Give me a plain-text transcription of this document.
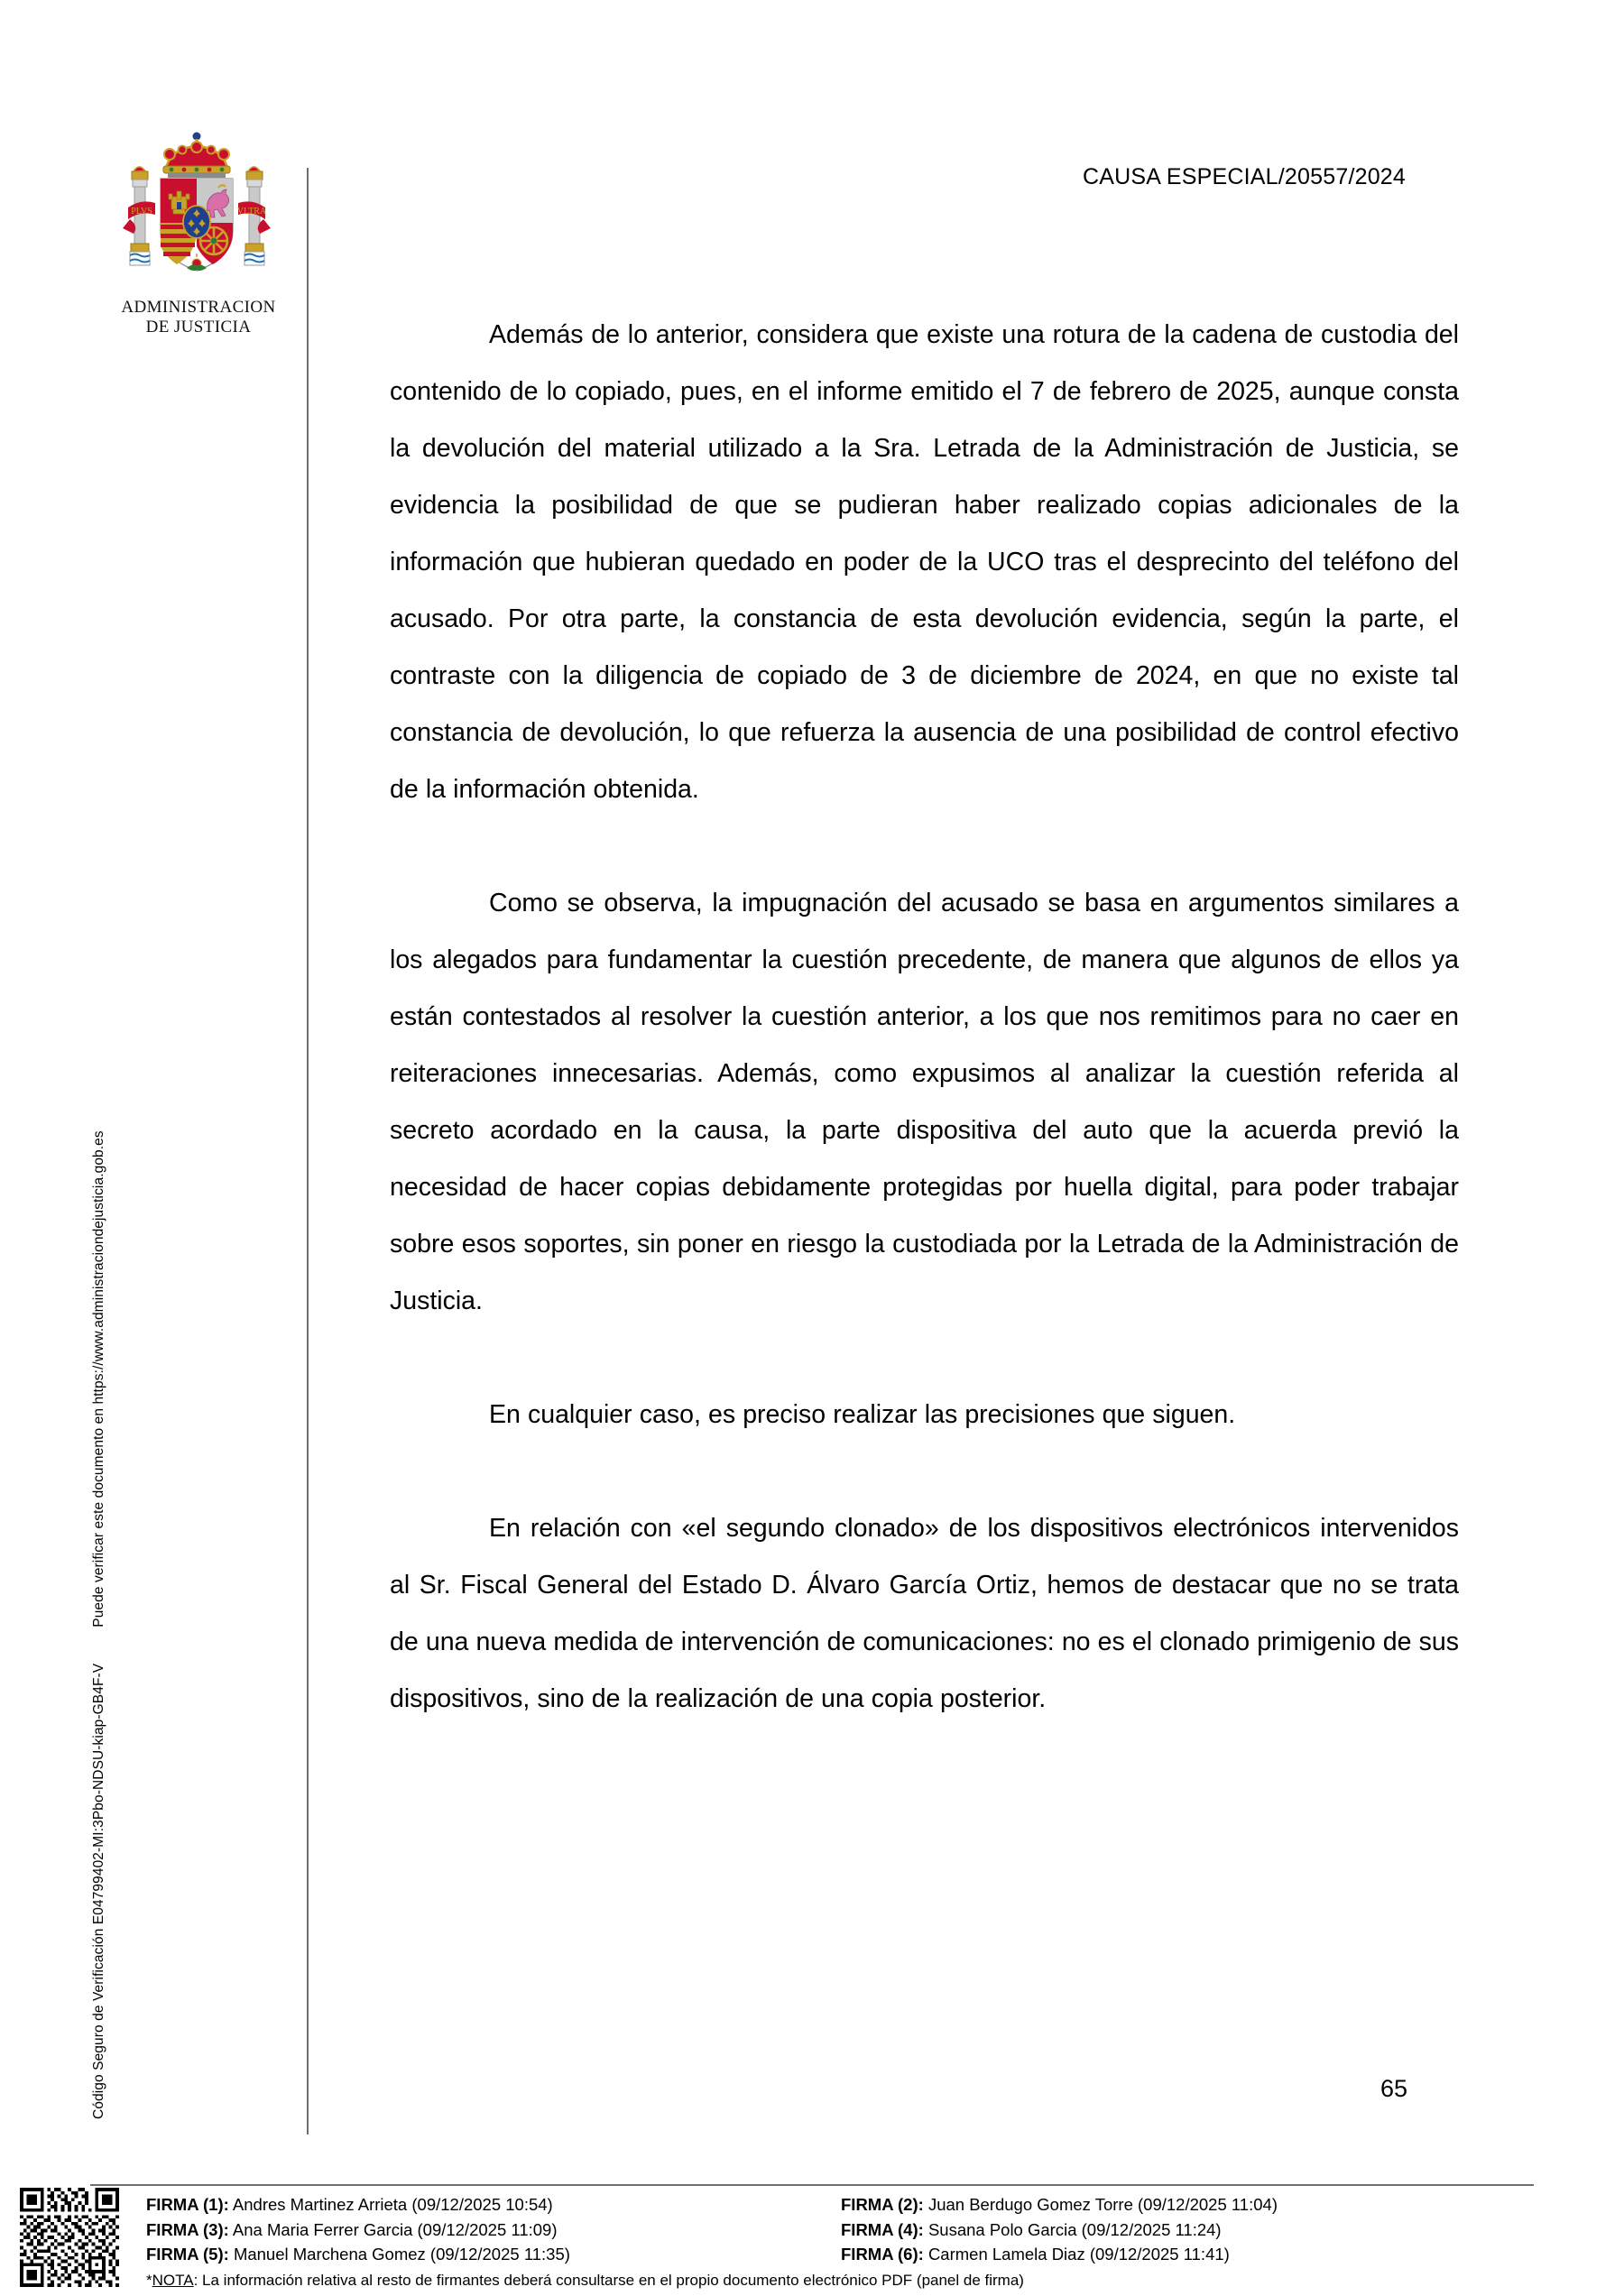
Código Seguro de Verificación E04799402-MI:3Pbo-NDSU-kiap-GB4F-VPuede verificar este documento en https://www.administraciondejusticia.gob.es
PLVS	VLTRA
ADMINISTRACION
DE JUSTICIA
CAUSA ESPECIAL/20557/2024

Además de lo anterior, considera que existe una rotura de la cadena de custodia del contenido de lo copiado, pues, en el informe emitido el 7 de febrero de 2025, aunque consta la devolución del material utilizado a la Sra. Letrada de la Administración de Justicia, se evidencia la posibilidad de que se pudieran haber realizado copias adicionales de la información que hubieran quedado en poder de la UCO tras el desprecinto del teléfono del acusado. Por otra parte, la constancia de esta devolución evidencia, según la parte, el contraste con la diligencia de copiado de 3 de diciembre de 2024, en que no existe tal constancia de devolución, lo que refuerza la ausencia de una posibilidad de control efectivo de la información obtenida.

Como se observa, la impugnación del acusado se basa en argumentos similares a los alegados para fundamentar la cuestión precedente, de manera que algunos de ellos ya están contestados al resolver la cuestión anterior, a los que nos remitimos para no caer en reiteraciones innecesarias. Además, como expusimos al analizar la cuestión referida al secreto acordado en la causa, la parte dispositiva del auto que la acuerda previó la necesidad de hacer copias debidamente protegidas por huella digital, para poder trabajar sobre esos soportes, sin poner en riesgo la custodiada por la Letrada de la Administración de Justicia.

En cualquier caso, es preciso realizar las precisiones que siguen.

En relación con «el segundo clonado» de los dispositivos electrónicos intervenidos al Sr. Fiscal General del Estado D. Álvaro García Ortiz, hemos de destacar que no se trata de una nueva medida de intervención de comunicaciones: no es el clonado primigenio de sus dispositivos, sino de la realización de una copia posterior.

65
FIRMA (1): Andres Martinez Arrieta (09/12/2025 10:54)	FIRMA (2): Juan Berdugo Gomez Torre (09/12/2025 11:04)
FIRMA (3): Ana Maria Ferrer Garcia (09/12/2025 11:09)	FIRMA (4): Susana Polo Garcia (09/12/2025 11:24)
FIRMA (5): Manuel Marchena Gomez (09/12/2025 11:35)	FIRMA (6): Carmen Lamela Diaz (09/12/2025 11:41)
*NOTA: La información relativa al resto de firmantes deberá consultarse en el propio documento electrónico PDF (panel de firma)
